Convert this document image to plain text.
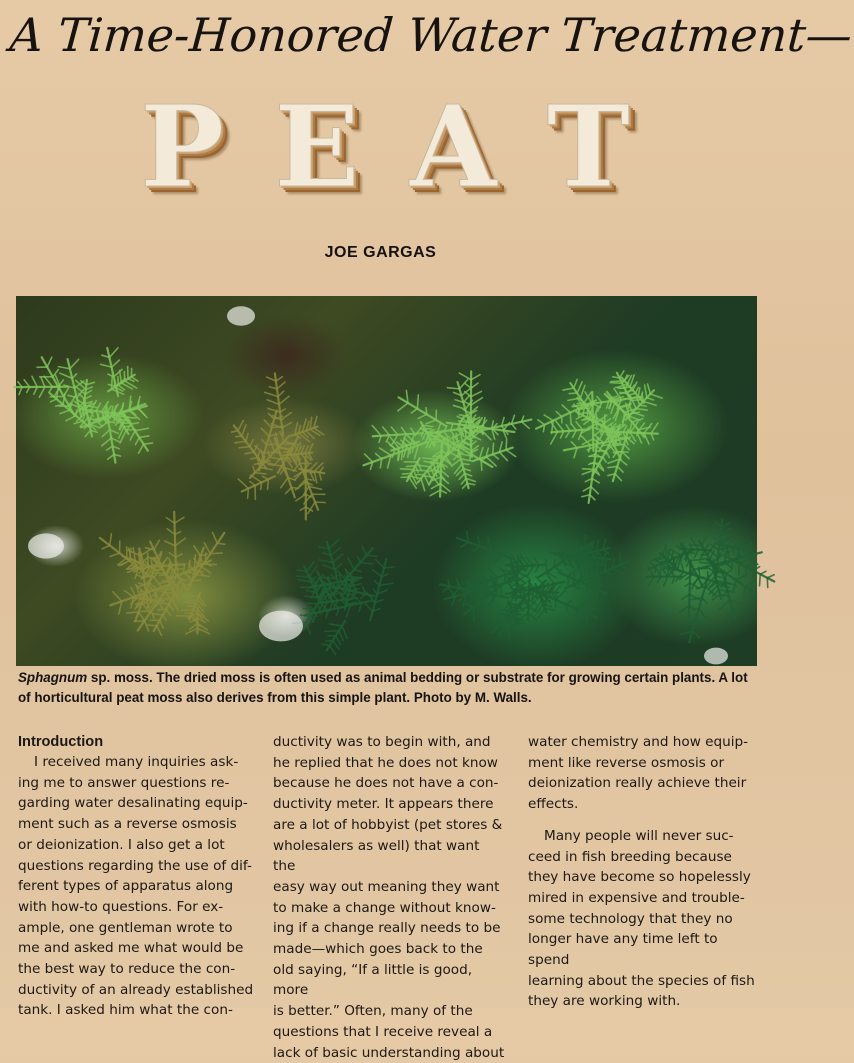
A Time-Honored Water Treatment—
P E A T
JOE GARGAS
Sphagnum sp. moss. The dried moss is often used as animal bedding or substrate for growing certain plants. A lot
of horticultural peat moss also derives from this simple plant. Photo by M. Walls.
Introduction

I received many inquiries ask-
ing me to answer questions re-
garding water desalinating equip-
ment such as a reverse osmosis
or deionization. I also get a lot
questions regarding the use of dif-
ferent types of apparatus along
with how-to questions. For ex-
ample, one gentleman wrote to
me and asked me what would be
the best way to reduce the con-
ductivity of an already established
tank. I asked him what the con-

ductivity was to begin with, and
he replied that he does not know
because he does not have a con-
ductivity meter. It appears there
are a lot of hobbyist (pet stores &
wholesalers as well) that want the
easy way out meaning they want
to make a change without know-
ing if a change really needs to be
made—which goes back to the
old saying, “If a little is good, more
is better.” Often, many of the
questions that I receive reveal a
lack of basic understanding about

water chemistry and how equip-
ment like reverse osmosis or
deionization really achieve their
effects.

Many people will never suc-
ceed in fish breeding because
they have become so hopelessly
mired in expensive and trouble-
some technology that they no
longer have any time left to spend
learning about the species of fish
they are working with.
